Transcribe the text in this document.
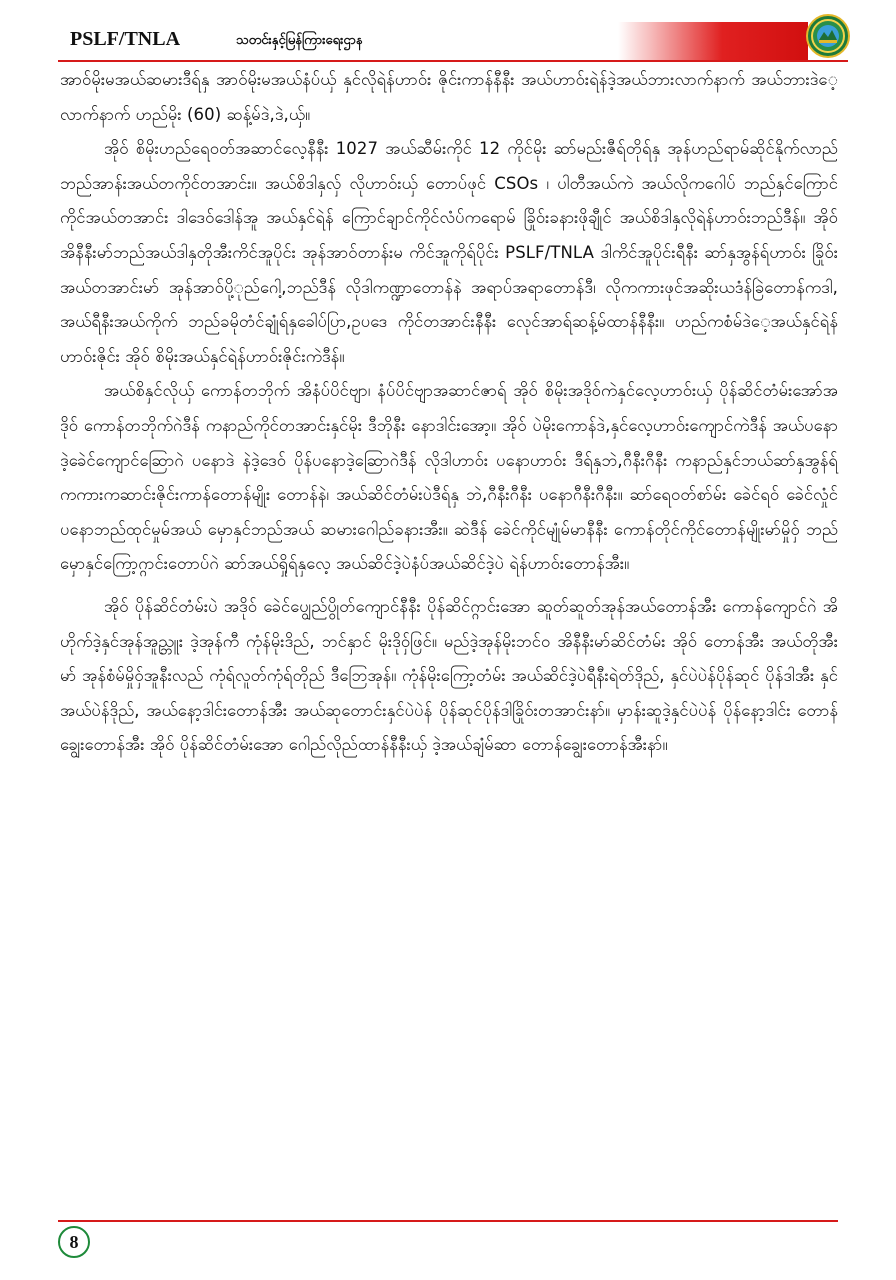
PSLF/TNLA	သတင်းနှင့်မြန်ကြားရေးဌာန

အာဝ်မိုးမအယ်ဆမားဒီရ်နှ အာဝ်မိုးမအယ်နံပ်ယှ် နှင်လိုရဲန်ဟာဝ်း ဇိုင်းကာန်နီနီး အယ်ဟာဝ်းရဲန်ဒဲ့အယ်ဘားလာက်နာက် အယ်ဘားဒဲေ့လာက်နာက် ဟည်မိုး (60) ဆန့်မ်ဒဲ,ဒဲ,ယှ်။

အိုဝ် စိမိုးဟည်ရေဝတ်အဆာင်လေ့နီနီး 1027 အယ်ဆီမ်းကိုင် 12 ကိုင်မိုး ဆာ်မည်းဇီရ်တိုရ်နှ အုန်ဟည်ရာမ်ဆိုင်နိုက်လာည် ဘည်အာန်းအယ်တကိုင်တအာင်း။ အယ်စိဒါနှလှ် လိုဟာဝ်းယှ် တောပ်ဖုင် CSOs ၊ ပါတီအယ်ကဲ အယ်လိုကဂေါပ် ဘည်နှင်ကြောင်ကိုင်အယ်တအာင်း ဒါဒေဝ်ဒေါန်အူ အယ်နှင်ရဲန် ကြောင်ချာင်ကိုင်လံပ်ကရောမ် ခြိုဝ်းခနားဖိုချီုင် အယ်စိဒါနှလိုရဲန်ဟာဝ်းဘည်ဒီန်။ အိုဝ် အိနီနီးမာ်ဘည်အယ်ဒါနှတိုအီးကိင်အူပိုင်း အုန်အာဝ်တာန်းမ ကိင်အူကိုရ်ပိုင်း PSLF/TNLA ဒါကိင်အူပိုင်းရီနီး ဆာ်နှအွန်ရ်ဟာဝ်း ခြိုဝ်းအယ်တအာင်းမာ် အုန်အာဝ်ပို့ုည်ဂေါ့,ဘည်ဒီန် လိုဒါကဏ္ဍာတောန်နဲ အရာပ်အရာတောန်ဒီ၊ လိုကကားဖုင်အဆိုးယဒံန်ခြဲတောန်ကဒါ, အယ်ရီနီးအယ်ကိုက် ဘည်ခမိုတံင်ချုံရ်နှခေါပ်ပြာ,ဥပဒေ ကိုင်တအာင်းနီနီး လေုင်အာရ်ဆန့်မ်ထာန်နီနီး။ ဟည်ကစံမ်ဒဲေ့အယ်နှင်ရဲန်ဟာဝ်းဇိုင်း အိုဝ် စိမိုးအယ်နှင်ရဲန်ဟာဝ်းဇိုင်းကဲဒီန်။

အယ်စိနှင်လိုယှ် ကောန်တဘိုက် အိနံပ်ပိင်ဗျာ၊ နံပ်ပိင်ဗျာအဆာင်ဇာရ် အိုဝ် စိမိုးအဒိုဝ်ကဲနှင်လေ့ဟာဝ်းယှ် ပိုန်ဆိင်တံမ်းအော်အဒိုဝ် ကောန်တဘိုက်ဂဲဒီန် ကနာည်ကိုင်တအာင်းနှင်မိုး ဒီဘိုနီး နောဒါင်းအော့။ အိုဝ် ပဲမိုးကောန်ဒဲ,နှင်လေ့ဟာဝ်းကျောင်ကဲဒီန် အယ်ပနောဒဲ့ခေဲင်ကျောင်ဆြောဂဲ ပနောဒဲ နဲဒဲ့ဒေဝ် ပိုန်ပနောဒဲ့ဆြောဂဲဒီန် လိုဒါဟာဝ်း ပနောဟာဝ်း ဒီရ်နှဘဲ,ဂီနီးဂီနီး ကနာည်နှင်ဘယ်ဆာ်နှအွန်ရ် ကကားကဆာင်းဇိုင်းကာန်တောန်မျိုး တောန်နဲ၊ အယ်ဆိင်တံမ်းပဲဒီရ်နှ ဘဲ,ဂီနီးဂီနီး ပနောဂီနီးဂီနီး။ ဆာ်ရေဝတ်စာ်မ်း ခေဲင်ရဝ် ခေဲင်လှုံင် ပနောဘည်ထုင်မှုမ်အယ် မှောနှင်ဘည်အယ် ဆမားဂေါည်ခနားအီး။ ဆဲဒီန် ခေဲင်ကိုင်မျုံမ်မာနီနီး ကောန်တိုင်ကိုင်တောန်မျိုးမာ်မှိုဝ်ှ ဘည်မှောနှင်ကြော့ဂ္ဂာင်းတောပ်ဂဲ ဆာ်အယ်ရှိုရ်နှလေ့ အယ်ဆိင်ဒဲ့ပဲနံပ်အယ်ဆိင်ဒဲ့ပဲ ရဲန်ဟာဝ်းတောန်အီး။

အိုဝ် ပိုန်ဆိင်တံမ်းပဲ အဒိုဝ် ခေဲင်ပျွေည်ပွိုတ်ကျောင်နီနီး ပိုန်ဆိင်ဂ္ဂာင်းအော ဆူတ်ဆူတ်အုန်အယ်တောန်အီး ကောန်ကျောင်ဂဲ အိဟိုက်ဒဲ့နှင်အုန်အူည္ဘူး ဒဲ့အုန်ကီ ကုံန်မိုးဒိည်, ဘင်နှာင် မိုးဒိုဝ်ှဖြင်။ မည်ဒဲ့အုန်မိုးဘင်ဝ အိနီနီးမာ်ဆိင်တံမ်း အိုဝ် တောန်အီး အယ်တိုအီးမာ် အုန်စံမ်မှိုဝ်ှအူနီးလည် ကုံရ်လူတ်ကုံရ်တိုည် ဒီဘြေအုန်။ ကုံန်မိုးကြော့တံမ်း အယ်ဆိင်ဒဲ့ပဲရီနီးရဲတ်ဒိုည်, နှင်ပဲပဲန်ပိုန်ဆုင် ပိုန်ဒါအီး နှင်အယ်ပဲန်ဒိုည်, အယ်နော့ဒါင်းတောန်အီး အယ်ဆုတောင်းနှင်ပဲပဲန် ပိုန်ဆုင်ပိုန်ဒါခြိုဝ်းတအာင်းနာ်။ မှာန်းဆူဒဲ့နှင်ပဲပဲန် ပိုန်နော့ဒါင်း တောန်ချွေးတောန်အီး အိုဝ် ပိုန်ဆိင်တံမ်းအော ဂေါည်လိုည်ထာန်နီနီးယှ် ဒဲ့အယ်ချံမ်ဆာ တောန်ချွေးတောန်အီးနာ်။

8
